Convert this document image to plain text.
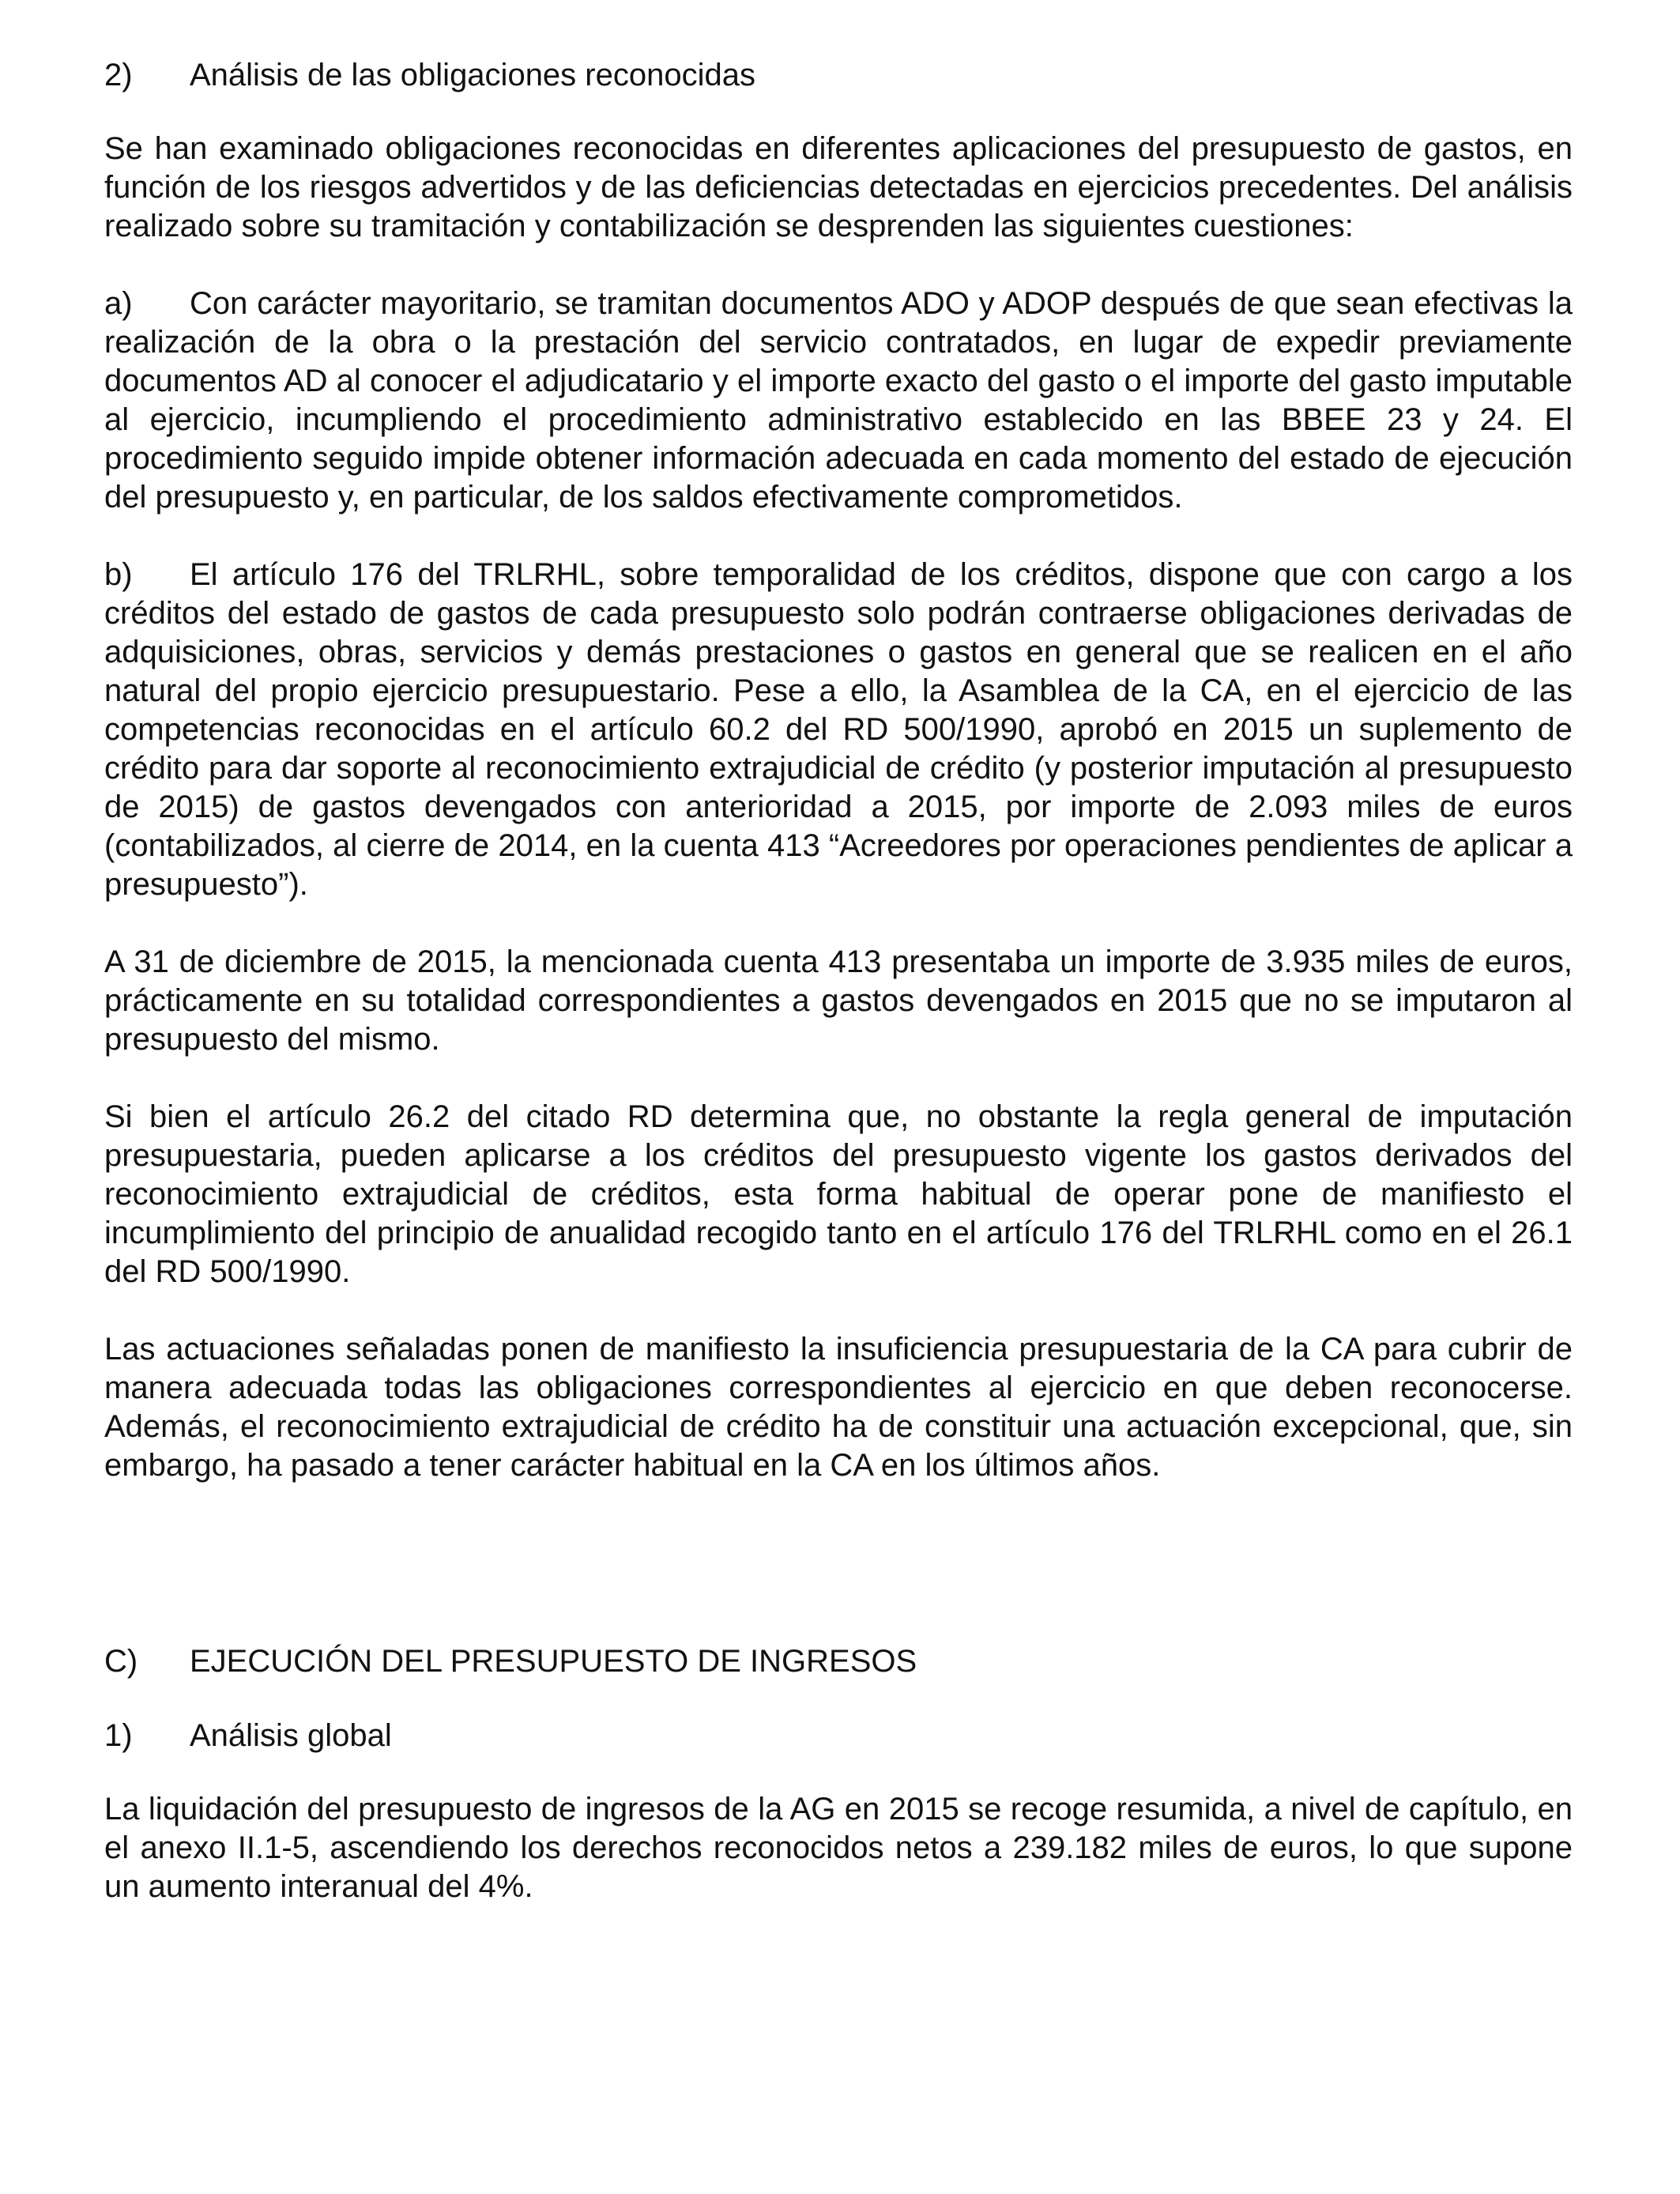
2)	Análisis de las obligaciones reconocidas

Se han examinado obligaciones reconocidas en diferentes aplicaciones del presupuesto de gastos, en función de los riesgos advertidos y de las deficiencias detectadas en ejercicios precedentes. Del análisis realizado sobre su tramitación y contabilización se desprenden las siguientes cuestiones:

a) Con carácter mayoritario, se tramitan documentos ADO y ADOP después de que sean efectivas la realización de la obra o la prestación del servicio contratados, en lugar de expedir previamente documentos AD al conocer el adjudicatario y el importe exacto del gasto o el importe del gasto imputable al ejercicio, incumpliendo el procedimiento administrativo establecido en las BBEE 23 y 24. El procedimiento seguido impide obtener información adecuada en cada momento del estado de ejecución del presupuesto y, en particular, de los saldos efectivamente comprometidos.

b) El artículo 176 del TRLRHL, sobre temporalidad de los créditos, dispone que con cargo a los créditos del estado de gastos de cada presupuesto solo podrán contraerse obligaciones derivadas de adquisiciones, obras, servicios y demás prestaciones o gastos en general que se realicen en el año natural del propio ejercicio presupuestario. Pese a ello, la Asamblea de la CA, en el ejercicio de las competencias reconocidas en el artículo 60.2 del RD 500/1990, aprobó en 2015 un suplemento de crédito para dar soporte al reconocimiento extrajudicial de crédito (y posterior imputación al presupuesto de 2015) de gastos devengados con anterioridad a 2015, por importe de 2.093 miles de euros (contabilizados, al cierre de 2014, en la cuenta 413 “Acreedores por operaciones pendientes de aplicar a presupuesto”).

A 31 de diciembre de 2015, la mencionada cuenta 413 presentaba un importe de 3.935 miles de euros, prácticamente en su totalidad correspondientes a gastos devengados en 2015 que no se imputaron al presupuesto del mismo.

Si bien el artículo 26.2 del citado RD determina que, no obstante la regla general de imputación presupuestaria, pueden aplicarse a los créditos del presupuesto vigente los gastos derivados del reconocimiento extrajudicial de créditos, esta forma habitual de operar pone de manifiesto el incumplimiento del principio de anualidad recogido tanto en el artículo 176 del TRLRHL como en el 26.1 del RD 500/1990.

Las actuaciones señaladas ponen de manifiesto la insuficiencia presupuestaria de la CA para cubrir de manera adecuada todas las obligaciones correspondientes al ejercicio en que deben reconocerse. Además, el reconocimiento extrajudicial de crédito ha de constituir una actuación excepcional, que, sin embargo, ha pasado a tener carácter habitual en la CA en los últimos años.

C)	EJECUCIÓN DEL PRESUPUESTO DE INGRESOS
1)	Análisis global

La liquidación del presupuesto de ingresos de la AG en 2015 se recoge resumida, a nivel de capítulo, en el anexo II.1-5, ascendiendo los derechos reconocidos netos a 239.182 miles de euros, lo que supone un aumento interanual del 4%.
